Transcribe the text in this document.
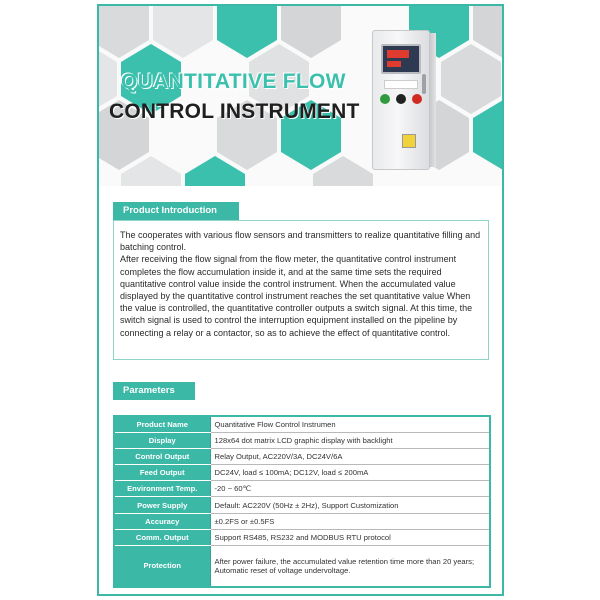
QUANTITATIVE FLOW
CONTROL INSTRUMENT
Product Introduction

The cooperates with various flow sensors and transmitters to realize quantitative filling and batching control.

After receiving the flow signal from the flow meter, the quantitative control instrument completes the flow accumulation inside it, and at the same time sets the required quantitative control value inside the control instrument. When the accumulated value displayed by the quantitative control instrument reaches the set quantitative value When the value is controlled, the quantitative controller outputs a switch signal. At this time, the switch signal is used to control the interruption equipment installed on the pipeline by connecting a relay or a contactor, so as to achieve the effect of quantitative control.

Parameters
Product Name	Quantitative Flow Control Instrumen
Display	128x64 dot matrix LCD graphic display with backlight
Control Output	Relay Output, AC220V/3A, DC24V/6A
Feed Output	DC24V, load ≤ 100mA; DC12V, load ≤ 200mA
Environment Temp.	-20 ~ 60℃
Power Supply	Default: AC220V (50Hz ± 2Hz), Support Customization
Accuracy	±0.2FS or ±0.5FS
Comm. Output	Support RS485, RS232 and MODBUS RTU protocol
Protection	After power failure, the accumulated value retention time more than 20 years;
Automatic reset of voltage undervoltage.
